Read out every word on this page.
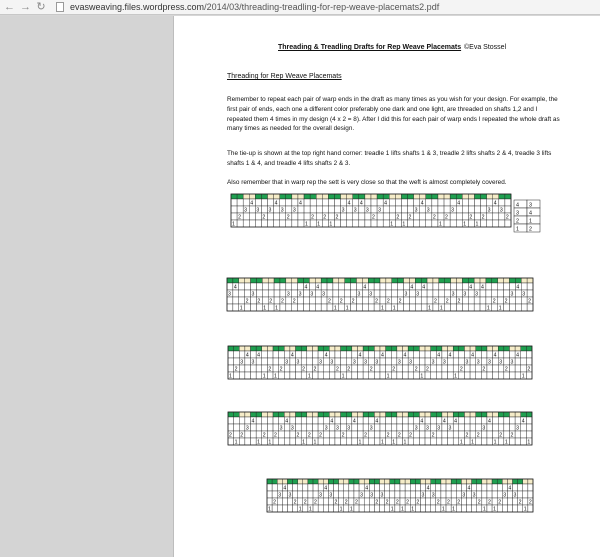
← → ↻	evasweaving.files.wordpress.com/2014/03/threading-treadling-for-rep-weave-placemats2.pdf
Threading & Treadling Drafts for Rep Weave Placemats ©Eva Stossel
Threading for Rep Weave Placemats
Remember to repeat each pair of warp ends in the draft as many times as you wish for your design. For example, the first pair of ends, each one a different color preferably one dark and one light, are threaded on shafts 1,2 and I repeated them 4 times in my design (4 x 2 = 8). After I did this for each pair of warp ends I repeated the whole draft as many times as needed for the overall design.
The tie-up is shown at the top right hand corner: treadle 1 lifts shafts 1 & 3, treadle 2 lifts shafts 2 & 4, treadle 3 lifts shafts 1 & 4, and treadle 4 lifts shafts 2 & 3.
Also remember that in warp rep the sett is very close so that the weft is almost completely covered.
1
2
3
4
3
2
3
4
3
2
3
4
1
2
1
2
1
2
3
4
3
4
3
2
3
4
1
2
1
2
3
4
3
2
1
2
3
4
1
2
1
2
3
4
3
2
4 3
3 4
2 1
1 2
3
4
1
2
3
2
1
2
1
2
3
2
3
4
3
4
3
2
1
2
1
2
3
4
3
2
1
2
1
2
3
4
3
4
1
2
1
2
3
2
3
4
3
4
1
2
1
2
3
4
3
2
1
2
3
4
3
4
1
2
1
2
3
4
3
2
1
2
3
4
3
2
1
2
3
4
3
2
3
4
1
2
3
4
3
2
1
2
3
4
3
4
1
2
3
4
3
2
3
4
3
2
3
4
1
2
2
1
2
3
4
1
2
1
2
3
4
3
2
1
2
1
2
3
4
3
2
3
4
1
2
3
4
1
2
1
2
1
2
3
4
3
2
3
4
3
4
1
2
1
2
3
4
1
2
1
2
3
4
1
1
2
3
4
3
2
1
2
1
2
3
4
3
2
1
2
1
2
3
4
3
2
3
2
1
2
1
2
1
2
3
4
3
2
1
2
1
2
3
4
3
2
1
2
1
2
3
4
3
2
1
2
